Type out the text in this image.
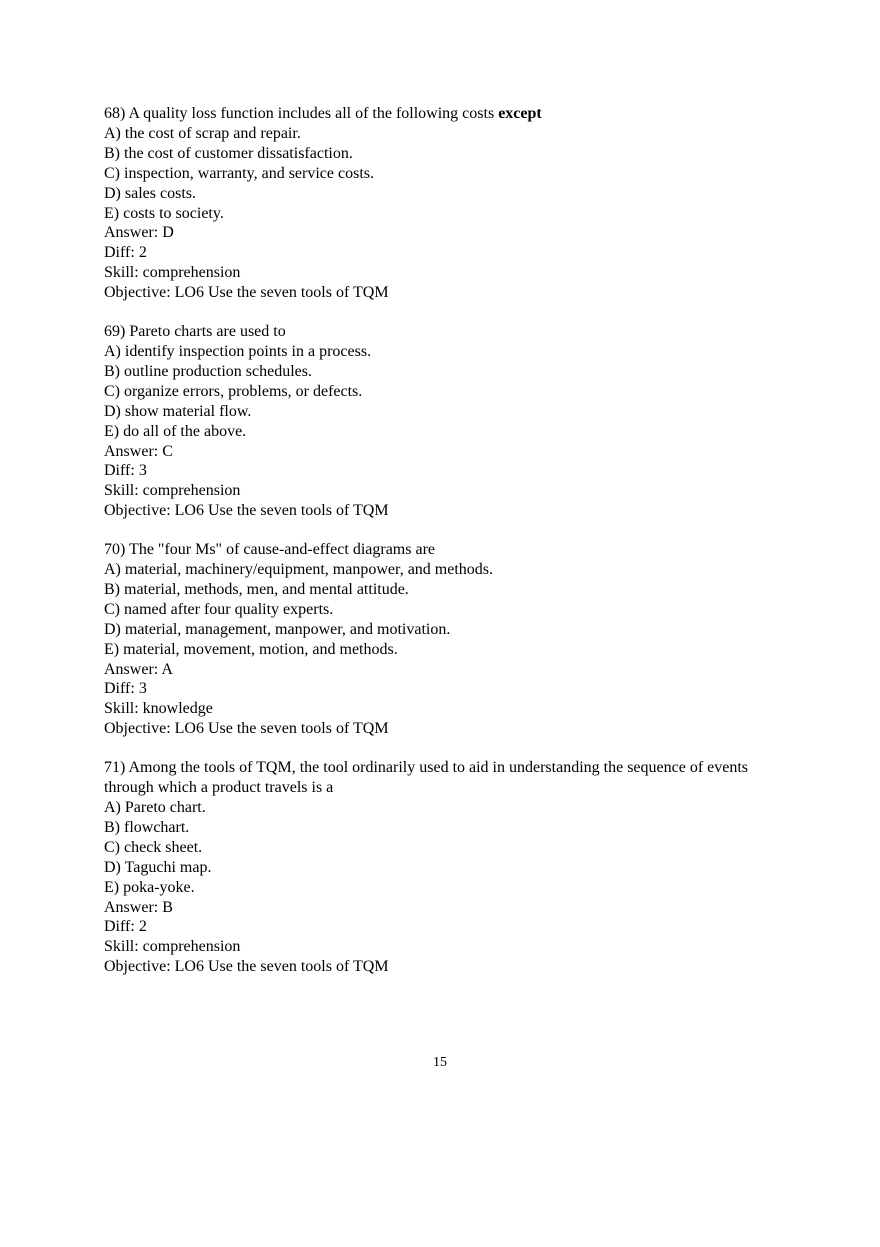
68) A quality loss function includes all of the following costs except
A) the cost of scrap and repair.
B) the cost of customer dissatisfaction.
C) inspection, warranty, and service costs.
D) sales costs.
E) costs to society.
Answer: D
Diff: 2
Skill: comprehension
Objective: LO6 Use the seven tools of TQM
69) Pareto charts are used to
A) identify inspection points in a process.
B) outline production schedules.
C) organize errors, problems, or defects.
D) show material flow.
E) do all of the above.
Answer: C
Diff: 3
Skill: comprehension
Objective: LO6 Use the seven tools of TQM
70) The "four Ms" of cause-and-effect diagrams are
A) material, machinery/equipment, manpower, and methods.
B) material, methods, men, and mental attitude.
C) named after four quality experts.
D) material, management, manpower, and motivation.
E) material, movement, motion, and methods.
Answer: A
Diff: 3
Skill: knowledge
Objective: LO6 Use the seven tools of TQM
71) Among the tools of TQM, the tool ordinarily used to aid in understanding the sequence of events through which a product travels is a
A) Pareto chart.
B) flowchart.
C) check sheet.
D) Taguchi map.
E) poka-yoke.
Answer: B
Diff: 2
Skill: comprehension
Objective: LO6 Use the seven tools of TQM
15
